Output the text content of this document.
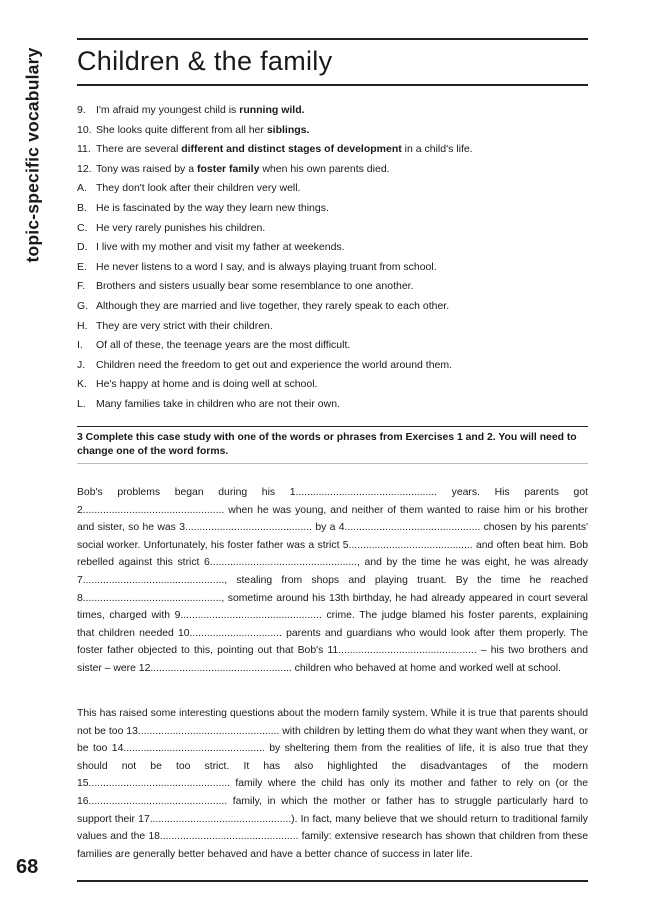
topic-specific vocabulary Children & the family
9. I'm afraid my youngest child is running wild.
10. She looks quite different from all her siblings.
11. There are several different and distinct stages of development in a child's life.
12. Tony was raised by a foster family when his own parents died.
A. They don't look after their children very well.
B. He is fascinated by the way they learn new things.
C. He very rarely punishes his children.
D. I live with my mother and visit my father at weekends.
E. He never listens to a word I say, and is always playing truant from school.
F. Brothers and sisters usually bear some resemblance to one another.
G. Although they are married and live together, they rarely speak to each other.
H. They are very strict with their children.
I. Of all of these, the teenage years are the most difficult.
J. Children need the freedom to get out and experience the world around them.
K. He's happy at home and is doing well at school.
L. Many families take in children who are not their own.

3 Complete this case study with one of the words or phrases from Exercises 1 and 2. You will need to change one of the word forms.

Bob's problems began during his 1................................................. years. His parents got 2................................................. when he was young, and neither of them wanted to raise him or his brother and sister, so he was 3............................................ by a 4............................................... chosen by his parents' social worker. Unfortunately, his foster father was a strict 5........................................... and often beat him. Bob rebelled against this strict 6..................................................., and by the time he was eight, he was already 7................................................., stealing from shops and playing truant. By the time he reached 8................................................, sometime around his 13th birthday, he had already appeared in court several times, charged with 9................................................. crime. The judge blamed his foster parents, explaining that children needed 10................................ parents and guardians who would look after them properly. The foster father objected to this, pointing out that Bob's 11................................................ – his two brothers and sister – were 12................................................. children who behaved at home and worked well at school.

This has raised some interesting questions about the modern family system. While it is true that parents should not be too 13................................................. with children by letting them do what they want when they want, or be too 14................................................. by sheltering them from the realities of life, it is also true that they should not be too strict. It has also highlighted the disadvantages of the modern 15................................................. family where the child has only its mother and father to rely on (or the 16................................................ family, in which the mother or father has to struggle particularly hard to support their 17.................................................). In fact, many believe that we should return to traditional family values and the 18................................................ family: extensive research has shown that children from these families are generally better behaved and have a better chance of success in later life.

68
